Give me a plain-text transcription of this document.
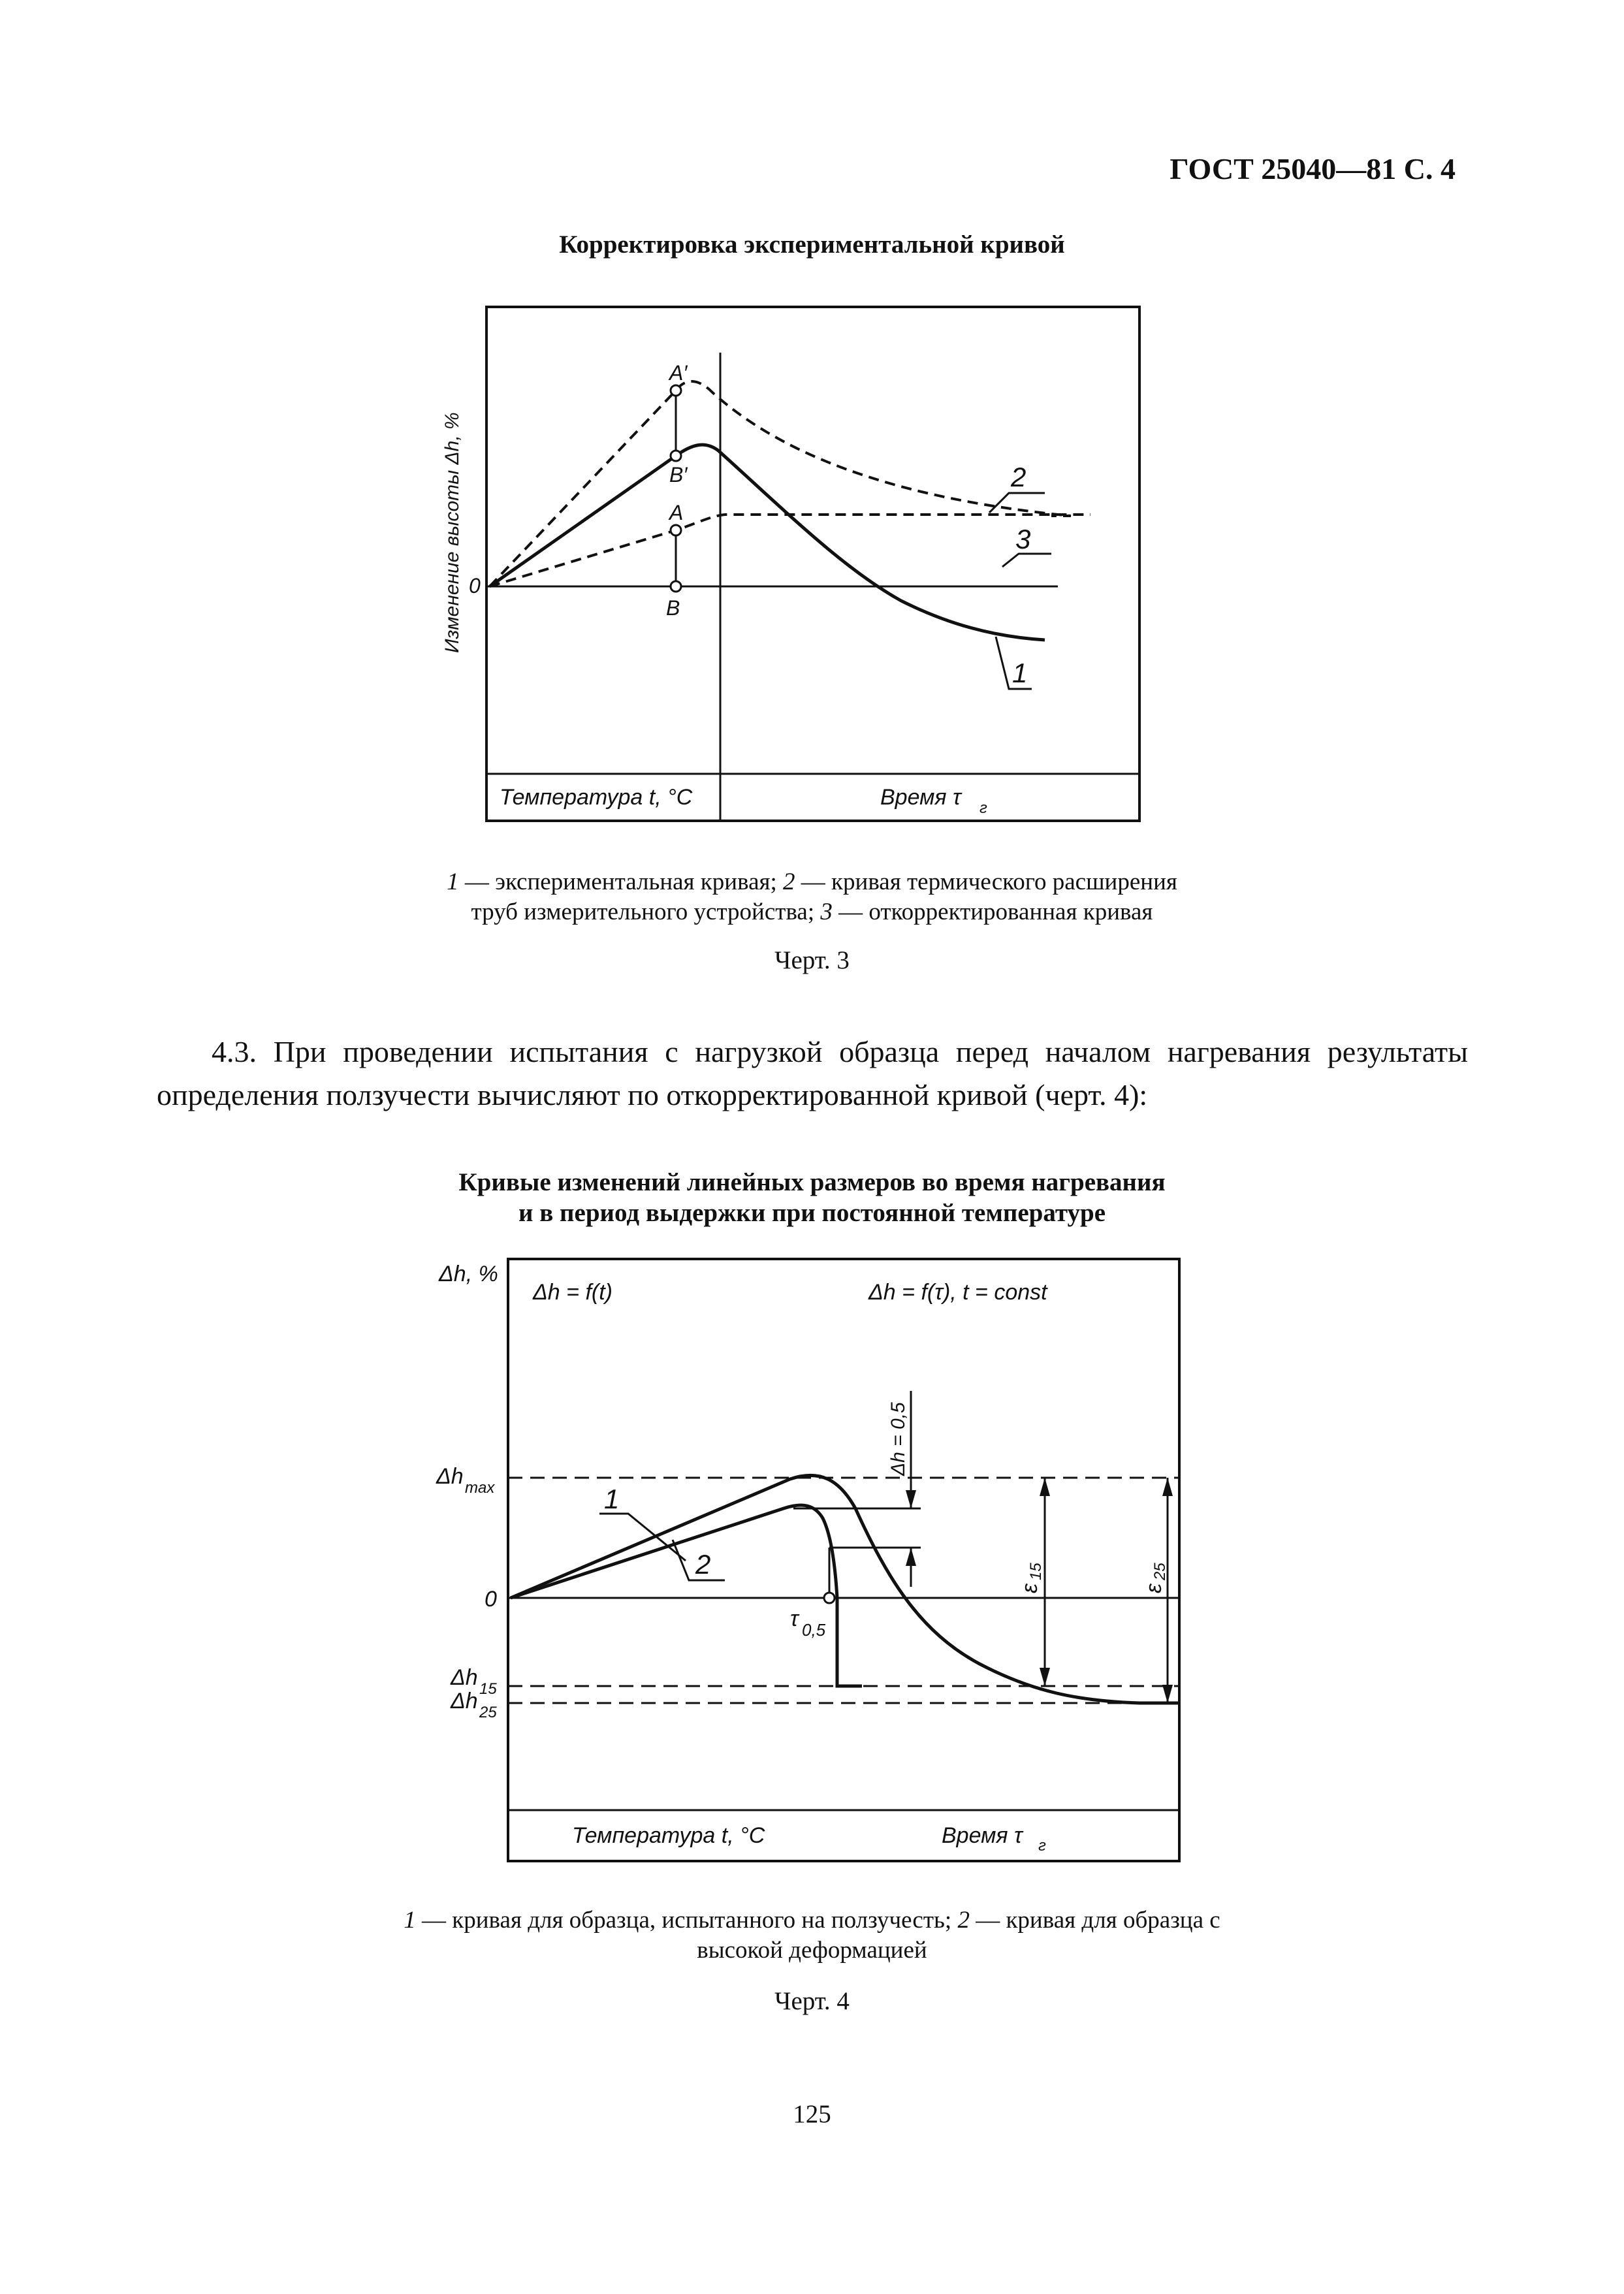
ГОСТ 25040—81 С. 4
Корректировка экспериментальной кривой
A′
B′
A
B
0
Изменение высоты Δh, %	2
3
1
Температура t, °С	Время τ г
Δh = 0,5
ε
15
ε
25
Δh, %
Δh max
0
Δh 15
Δh 25
Δh = f(t)	Δh = f(τ), t = const
τ 0,5
1
2
Температура t, °С	Время τ г
1 — экспериментальная кривая; 2 — кривая термического расширения
труб измерительного устройства; 3 — откорректированная кривая
Черт. 3
4.3. При проведении испытания с нагрузкой образца перед началом нагревания результаты определения ползучести вычисляют по откорректированной кривой (черт. 4):
Кривые изменений линейных размеров во время нагревания
и в период выдержки при постоянной температуре
1 — кривая для образца, испытанного на ползучесть; 2 — кривая для образца с
высокой деформацией
Черт. 4
125
